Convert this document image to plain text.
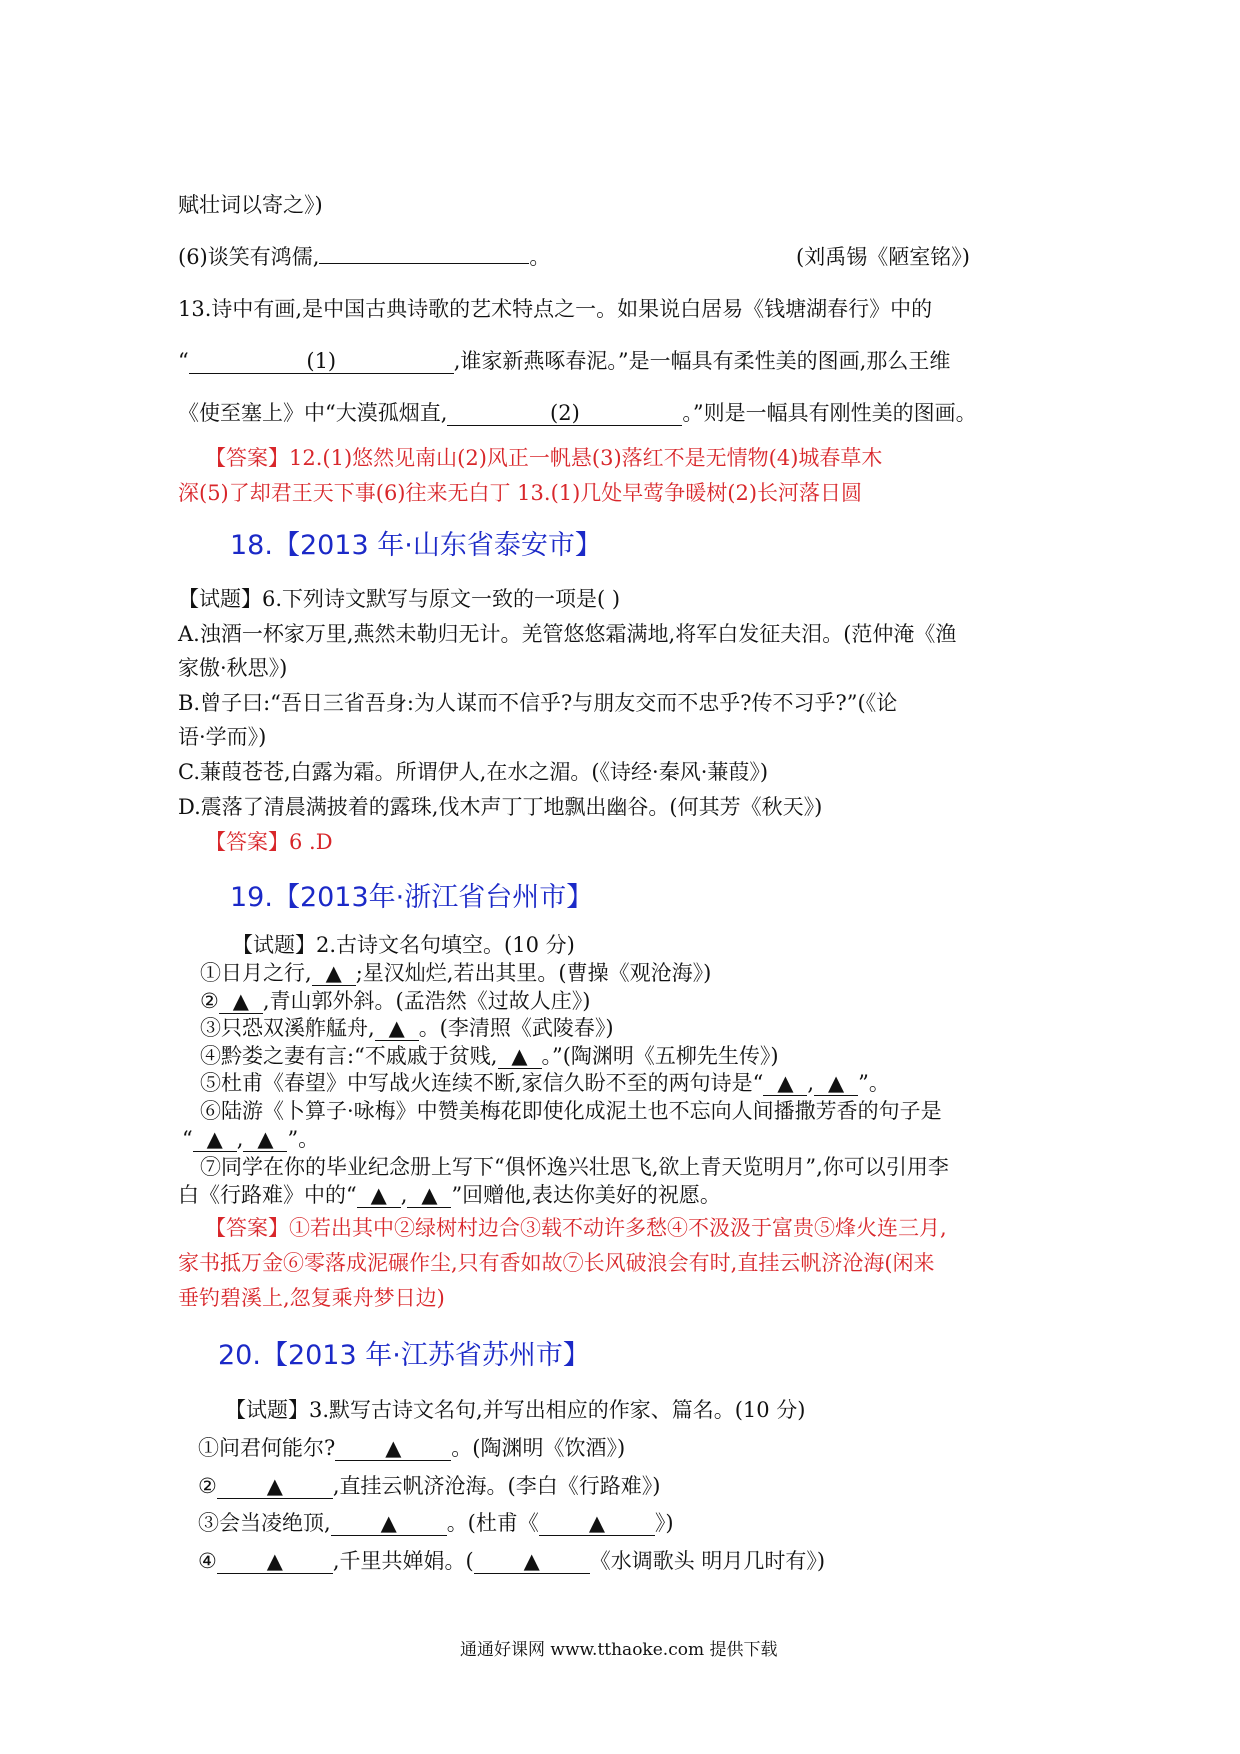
赋壮词以寄之》)
(6)谈笑有鸿儒,	。	(刘禹锡《陋室铭》)
13.诗中有画,是中国古典诗歌的艺术特点之一。如果说白居易《钱塘湖春行》中的
“	(1)	,谁家新燕啄春泥。”是一幅具有柔性美的图画,那么王维
《使至塞上》中“大漠孤烟直,	(2)	。”则是一幅具有刚性美的图画。
【答案】12.(1)悠然见南山(2)风正一帆悬(3)落红不是无情物(4)城春草木
深(5)了却君王天下事(6)往来无白丁 13.(1)几处早莺争暖树(2)长河落日圆
18.【2013 年·山东省泰安市】
【试题】6.下列诗文默写与原文一致的一项是( )
A.浊酒一杯家万里,燕然未勒归无计。羌管悠悠霜满地,将军白发征夫泪。(范仲淹《渔
家傲·秋思》)
B.曾子曰:“吾日三省吾身:为人谋而不信乎?与朋友交而不忠乎?传不习乎?”(《论
语·学而》)
C.蒹葭苍苍,白露为霜。所谓伊人,在水之湄。(《诗经·秦风·蒹葭》)
D.震落了清晨满披着的露珠,伐木声丁丁地飘出幽谷。(何其芳《秋天》)
【答案】6 .D
19.【2013年·浙江省台州市】
【试题】2.古诗文名句填空。(10 分)
①日月之行, ▲ ;星汉灿烂,若出其里。(曹操《观沧海》)
② ▲ ,青山郭外斜。(孟浩然《过故人庄》)
③只恐双溪舴艋舟, ▲ 。(李清照《武陵春》)
④黔娄之妻有言:“不戚戚于贫贱, ▲ 。”(陶渊明《五柳先生传》)
⑤杜甫《春望》中写战火连续不断,家信久盼不至的两句诗是“ ▲ , ▲ ”。
⑥陆游《卜算子·咏梅》中赞美梅花即使化成泥土也不忘向人间播撒芳香的句子是
“ ▲ , ▲ ”。
⑦同学在你的毕业纪念册上写下“俱怀逸兴壮思飞,欲上青天览明月”,你可以引用李
白《行路难》中的“ ▲ , ▲ ”回赠他,表达你美好的祝愿。
【答案】①若出其中②绿树村边合③载不动许多愁④不汲汲于富贵⑤烽火连三月,
家书抵万金⑥零落成泥碾作尘,只有香如故⑦长风破浪会有时,直挂云帆济沧海(闲来
垂钓碧溪上,忽复乘舟梦日边)
20.【2013 年·江苏省苏州市】
【试题】3.默写古诗文名句,并写出相应的作家、篇名。(10 分)
①问君何能尔? ▲ 。(陶渊明《饮酒》)
② ▲ ,直挂云帆济沧海。(李白《行路难》)
③会当凌绝顶, ▲ 。(杜甫《 ▲ 》)
④ ▲ ,千里共婵娟。( ▲ 《水调歌头 明月几时有》)
通通好课网 www.tthaoke.com 提供下载
